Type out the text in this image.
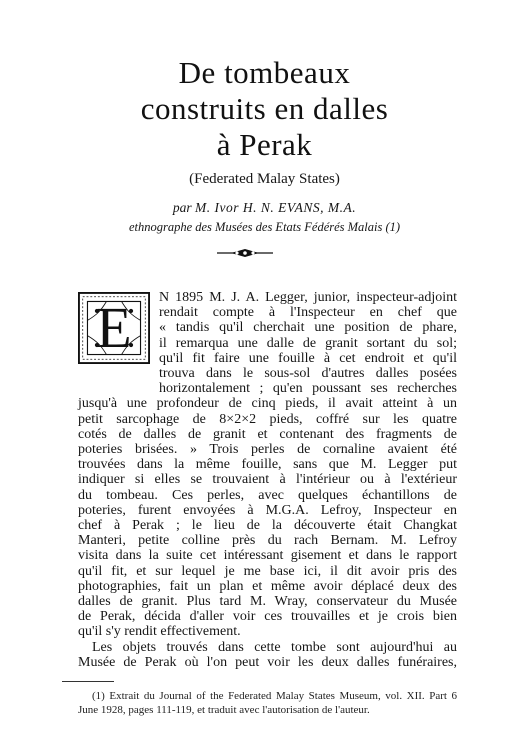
De tombeaux
construits en dalles
à Perak
(Federated Malay States)
par M. Ivor H. N. EVANS, M.A.
ethnographe des Musées des Etats Fédérés Malais (1)
E	N 1895 M. J. A. Legger, junior, inspecteur-adjoint
rendait compte à l'Inspecteur en chef que
« tandis qu'il cherchait une position de phare,
il remarqua une dalle de granit sortant du sol;
qu'il fit faire une fouille à cet endroit et qu'il
trouva dans le sous-sol d'autres dalles posées
horizontalement ; qu'en poussant ses recherches
jusqu'à une profondeur de cinq pieds, il avait atteint à un
petit sarcophage de 8×2×2 pieds, coffré sur les quatre
cotés de dalles de granit et contenant des fragments de
poteries brisées. » Trois perles de cornaline avaient été
trouvées dans la même fouille, sans que M. Legger put
indiquer si elles se trouvaient à l'intérieur ou à l'extérieur
du tombeau. Ces perles, avec quelques échantillons de
poteries, furent envoyées à M.G.A. Lefroy, Inspecteur en
chef à Perak ; le lieu de la découverte était Changkat
Manteri, petite colline près du rach Bernam. M. Lefroy
visita dans la suite cet intéressant gisement et dans le rapport
qu'il fit, et sur lequel je me base ici, il dit avoir pris des
photographies, fait un plan et même avoir déplacé deux des
dalles de granit. Plus tard M. Wray, conservateur du Musée
de Perak, décida d'aller voir ces trouvailles et je crois bien
qu'il s'y rendit effectivement.
Les objets trouvés dans cette tombe sont aujourd'hui au
Musée de Perak où l'on peut voir les deux dalles funéraires,
(1) Extrait du Journal of the Federated Malay States Museum, vol. XII. Part 6
June 1928, pages 111-119, et traduit avec l'autorisation de l'auteur.
